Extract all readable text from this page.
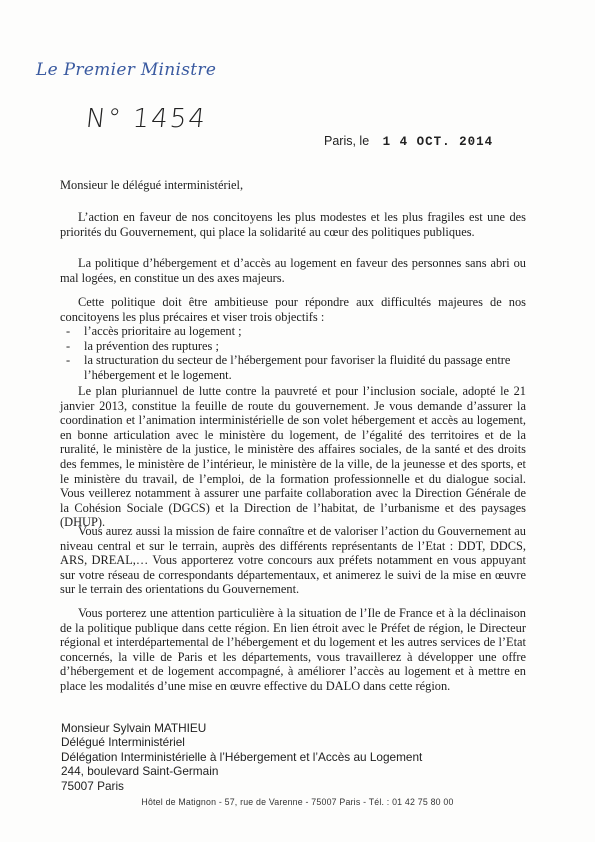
Le Premier Ministre
N° 1454
Paris, le 1 4 OCT. 2014

Monsieur le délégué interministériel,

L’action en faveur de nos concitoyens les plus modestes et les plus fragiles est une des priorités du Gouvernement, qui place la solidarité au cœur des politiques publiques.

La politique d’hébergement et d’accès au logement en faveur des personnes sans abri ou mal logées, en constitue un des axes majeurs.

Cette politique doit être ambitieuse pour répondre aux difficultés majeures de nos concitoyens les plus précaires et viser trois objectifs :

- l’accès prioritaire au logement ;
- la prévention des ruptures ;
- la structuration du secteur de l’hébergement pour favoriser la fluidité du passage entre l’hébergement et le logement.

Le plan pluriannuel de lutte contre la pauvreté et pour l’inclusion sociale, adopté le 21 janvier 2013, constitue la feuille de route du gouvernement. Je vous demande d’assurer la coordination et l’animation interministérielle de son volet hébergement et accès au logement, en bonne articulation avec le ministère du logement, de l’égalité des territoires et de la ruralité, le ministère de la justice, le ministère des affaires sociales, de la santé et des droits des femmes, le ministère de l’intérieur, le ministère de la ville, de la jeunesse et des sports, et le ministère du travail, de l’emploi, de la formation professionnelle et du dialogue social. Vous veillerez notamment à assurer une parfaite collaboration avec la Direction Générale de la Cohésion Sociale (DGCS) et la Direction de l’habitat, de l’urbanisme et des paysages (DHUP).

Vous aurez aussi la mission de faire connaître et de valoriser l’action du Gouvernement au niveau central et sur le terrain, auprès des différents représentants de l’Etat : DDT, DDCS, ARS, DREAL,… Vous apporterez votre concours aux préfets notamment en vous appuyant sur votre réseau de correspondants départementaux, et animerez le suivi de la mise en œuvre sur le terrain des orientations du Gouvernement.

Vous porterez une attention particulière à la situation de l’Ile de France et à la déclinaison de la politique publique dans cette région. En lien étroit avec le Préfet de région, le Directeur régional et interdépartemental de l’hébergement et du logement et les autres services de l’Etat concernés, la ville de Paris et les départements, vous travaillerez à développer une offre d’hébergement et de logement accompagné, à améliorer l’accès au logement et à mettre en place les modalités d’une mise en œuvre effective du DALO dans cette région.

Monsieur Sylvain MATHIEU
Délégué Interministériel
Délégation Interministérielle à l’Hébergement et l’Accès au Logement
244, boulevard Saint-Germain
75007 Paris
Hôtel de Matignon - 57, rue de Varenne - 75007 Paris - Tél. : 01 42 75 80 00
